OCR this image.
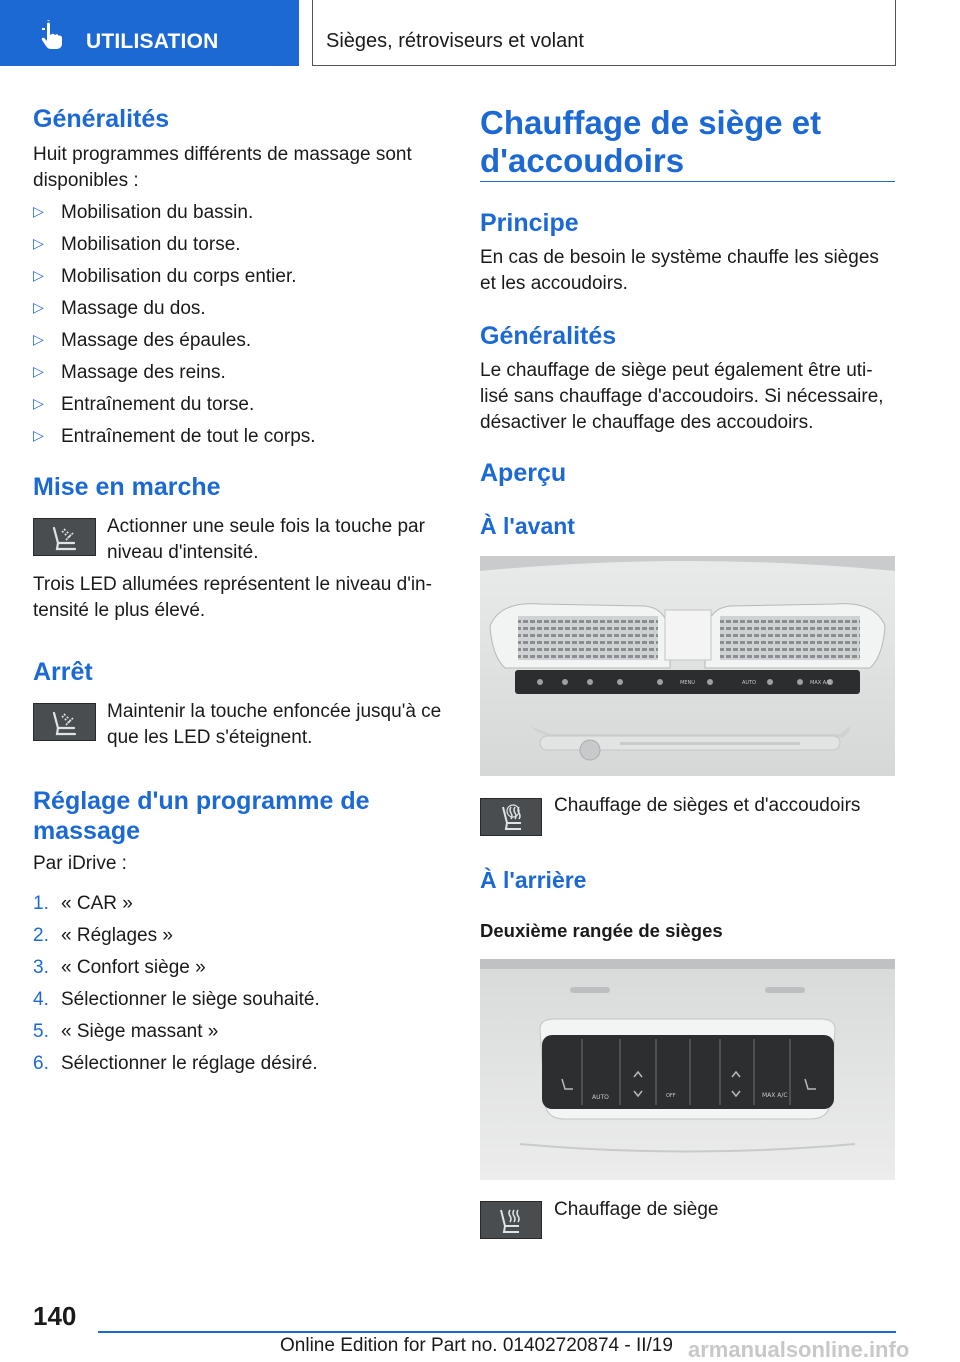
UTILISATION	Sièges, rétroviseurs et volant
Généralités
Huit programmes différents de massage sont disponibles :
▷ Mobilisation du bassin.
▷ Mobilisation du torse.
▷ Mobilisation du corps entier.
▷ Massage du dos.
▷ Massage des épaules.
▷ Massage des reins.
▷ Entraînement du torse.
▷ Entraînement de tout le corps.
Mise en marche
Actionner une seule fois la touche par niveau d'intensité.
Trois LED allumées représentent le niveau d'intensité le plus élevé.
Arrêt
Maintenir la touche enfoncée jusqu'à ce que les LED s'éteignent.
Réglage d'un programme de massage
Par iDrive :
1. « CAR »
2. « Réglages »
3. « Confort siège »
4. Sélectionner le siège souhaité.
5. « Siège massant »
6. Sélectionner le réglage désiré.
Chauffage de siège et d'accoudoirs
Principe
En cas de besoin le système chauffe les sièges et les accoudoirs.
Généralités
Le chauffage de siège peut également être utilisé sans chauffage d'accoudoirs. Si nécessaire, désactiver le chauffage des accoudoirs.
Aperçu
À l'avant
MENU	AUTO	MAX A/C
Chauffage de sièges et d'accoudoirs
À l'arrière
Deuxième rangée de sièges
AUTO	OFF	MAX A/C
Chauffage de siège
140
Online Edition for Part no. 01402720874 - II/19 armanualsonline.info
